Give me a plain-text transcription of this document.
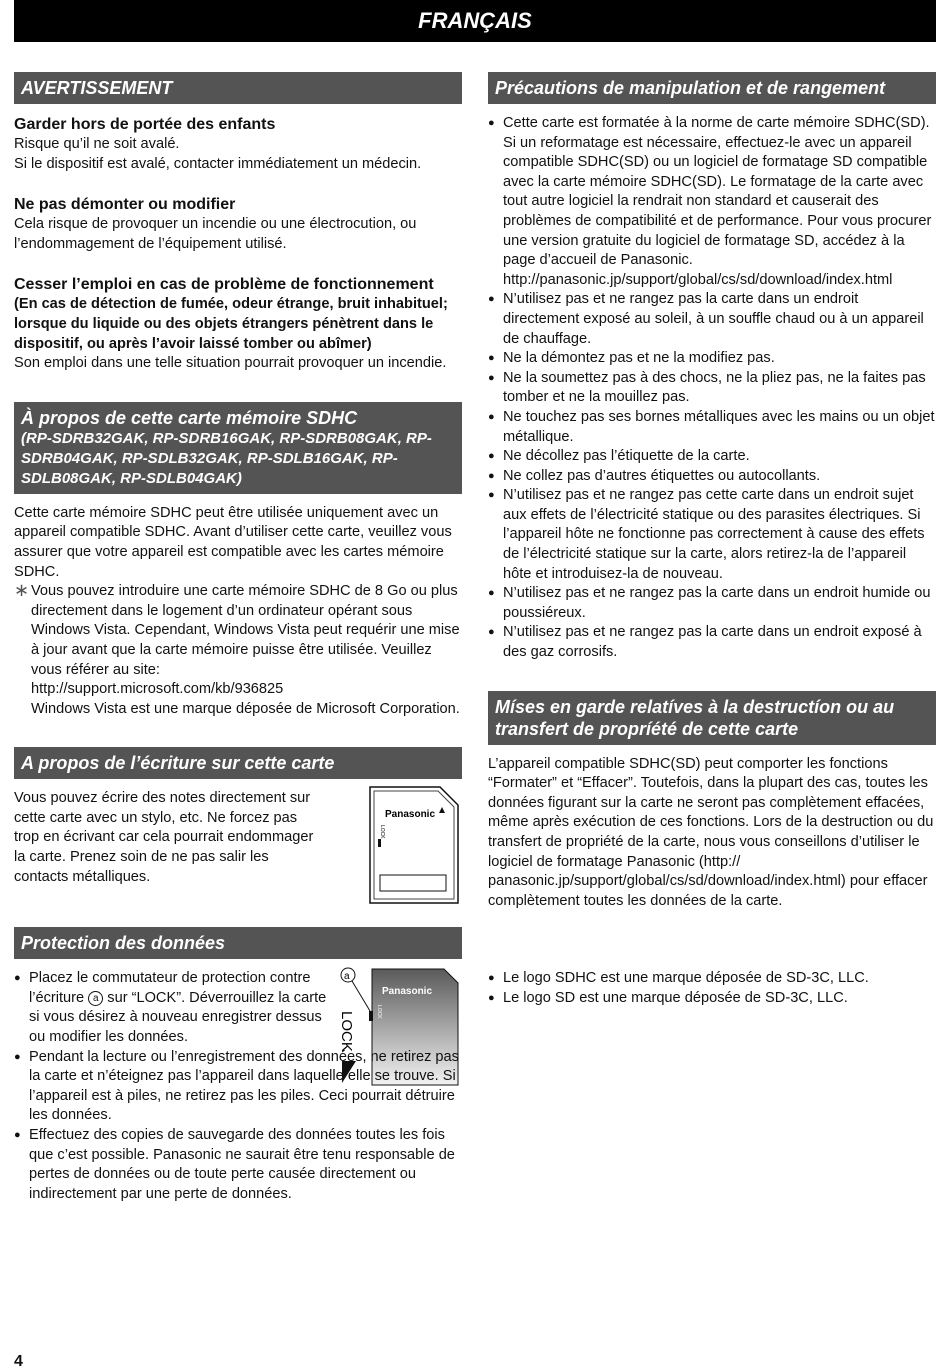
FRANÇAIS
AVERTISSEMENT
Garder hors de portée des enfants

Risque qu’il ne soit avalé.

Si le dispositif est avalé, contacter immédiatement un médecin.

Ne pas démonter ou modifier

Cela risque de provoquer un incendie ou une électrocution, ou l’endommagement de l’équipement utilisé.

Cesser l’emploi en cas de problème de fonctionnement

(En cas de détection de fumée, odeur étrange, bruit inhabituel; lorsque du liquide ou des objets étrangers pénètrent dans le dispositif, ou après l’avoir laissé tomber ou abîmer)

Son emploi dans une telle situation pourrait provoquer un incendie.

À propos de cette carte mémoire SDHC
(RP-SDRB32GAK, RP-SDRB16GAK, RP-SDRB08GAK, RP-SDRB04GAK, RP-SDLB32GAK, RP-SDLB16GAK, RP-SDLB08GAK, RP-SDLB04GAK)

Cette carte mémoire SDHC peut être utilisée uniquement avec un appareil compatible SDHC. Avant d’utiliser cette carte, veuillez vous assurer que votre appareil est compatible avec les cartes mémoire SDHC.

∗ Vous pouvez introduire une carte mémoire SDHC de 8 Go ou plus directement dans le logement d’un ordinateur opérant sous Windows Vista. Cependant, Windows Vista peut requérir une mise à jour avant que la carte mémoire puisse être utilisée. Veuillez vous référer au site:

http://support.microsoft.com/kb/936825

Windows Vista est une marque déposée de Microsoft Corporation.

A propos de l’écriture sur cette carte

Vous pouvez écrire des notes directement sur cette carte avec un stylo, etc. Ne forcez pas trop en écrivant car cela pourrait endommager la carte. Prenez soin de ne pas salir les contacts métalliques.

Panasonic
LOCK
Protection des données
a
Panasonic
LOCK
LOCK
● Placez le commutateur de protection contre l’écriture a sur “LOCK”. Déverrouillez la carte si vous désirez à nouveau enregistrer dessus ou modifier les données.
● Pendant la lecture ou l’enregistrement des données, ne retirez pas la carte et n’éteignez pas l’appareil dans laquelle elle se trouve. Si l’appareil est à piles, ne retirez pas les piles. Ceci pourrait détruire les données.
● Effectuez des copies de sauvegarde des données toutes les fois que c’est possible. Panasonic ne saurait être tenu responsable de pertes de données ou de toute perte causée directement ou indirectement par une perte de données.
Précautions de manipulation et de rangement
● Cette carte est formatée à la norme de carte mémoire SDHC(SD). Si un reformatage est nécessaire, effectuez-le avec un appareil compatible SDHC(SD) ou un logiciel de formatage SD compatible avec la carte mémoire SDHC(SD). Le formatage de la carte avec tout autre logiciel la rendrait non standard et causerait des problèmes de compatibilité et de performance. Pour vous procurer une version gratuite du logiciel de formatage SD, accédez à la page d’accueil de Panasonic.
http://panasonic.jp/support/global/cs/sd/download/index.html
● N’utilisez pas et ne rangez pas la carte dans un endroit directement exposé au soleil, à un souffle chaud ou à un appareil de chauffage.
● Ne la démontez pas et ne la modifiez pas.
● Ne la soumettez pas à des chocs, ne la pliez pas, ne la faites pas tomber et ne la mouillez pas.
● Ne touchez pas ses bornes métalliques avec les mains ou un objet métallique.
● Ne décollez pas l’étiquette de la carte.
● Ne collez pas d’autres étiquettes ou autocollants.
● N’utilisez pas et ne rangez pas cette carte dans un endroit sujet aux effets de l’électricité statique ou des parasites électriques. Si l’appareil hôte ne fonctionne pas correctement à cause des effets de l’électricité statique sur la carte, alors retirez-la de l’appareil hôte et introduisez-la de nouveau.
● N’utilisez pas et ne rangez pas la carte dans un endroit humide ou poussiéreux.
● N’utilisez pas et ne rangez pas la carte dans un endroit exposé à des gaz corrosifs.
Míses en garde relatíves à la destructíon ou au transfert de propríété de cette carte

L’appareil compatible SDHC(SD) peut comporter les fonctions “Formater” et “Effacer”. Toutefois, dans la plupart des cas, toutes les données figurant sur la carte ne seront pas complètement effacées, même après exécution de ces fonctions. Lors de la destruction ou du transfert de propriété de la carte, nous vous conseillons d’utiliser le logiciel de formatage Panasonic (http:// panasonic.jp/support/global/cs/sd/download/index.html) pour effacer complètement toutes les données de la carte.

● Le logo SDHC est une marque déposée de SD-3C, LLC.
● Le logo SD est une marque déposée de SD-3C, LLC.
4
